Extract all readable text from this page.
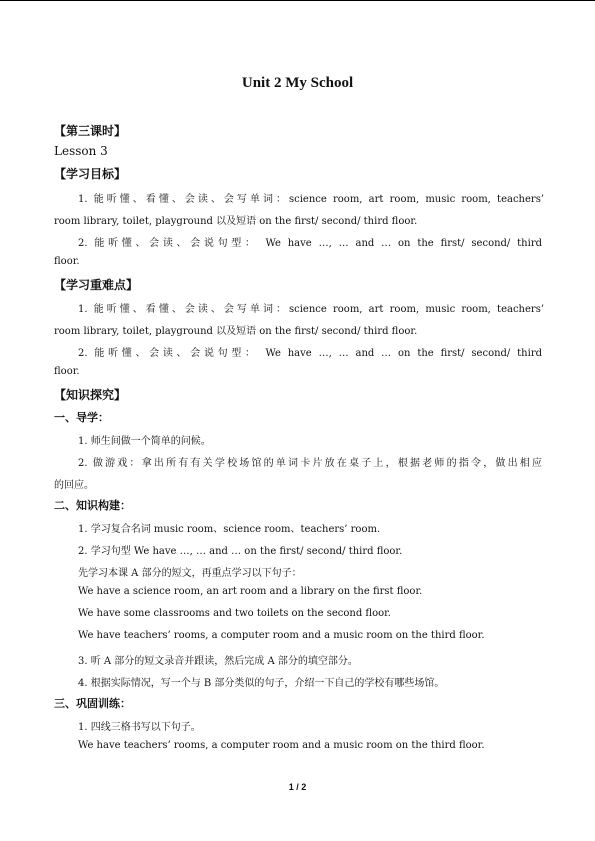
Unit 2 My School
【第三课时】
Lesson 3
【学习目标】
1. 能听懂、看懂、会读、会写单词：science room, art room, music room, teachers’
room library, toilet, playground 以及短语 on the first/ second/ third floor.
2. 能听懂、会读、会说句型： We have …, … and … on the first/ second/ third
floor.
【学习重难点】
1. 能听懂、看懂、会读、会写单词：science room, art room, music room, teachers’
room library, toilet, playground 以及短语 on the first/ second/ third floor.
2. 能听懂、会读、会说句型： We have …, … and … on the first/ second/ third
floor.
【知识探究】
一、导学：
1. 师生间做一个简单的问候。
2. 做游戏：拿出所有有关学校场馆的单词卡片放在桌子上，根据老师的指令，做出相应
的回应。
二、知识构建：
1. 学习复合名词 music room、science room、teachers’ room.
2. 学习句型 We have …, … and … on the first/ second/ third floor.
先学习本课 A 部分的短文，再重点学习以下句子：
We have a science room, an art room and a library on the first floor.
We have some classrooms and two toilets on the second floor.
We have teachers’ rooms, a computer room and a music room on the third floor.
3. 听 A 部分的短文录音并跟读，然后完成 A 部分的填空部分。
4. 根据实际情况，写一个与 B 部分类似的句子，介绍一下自己的学校有哪些场馆。
三、巩固训练：
1. 四线三格书写以下句子。
We have teachers’ rooms, a computer room and a music room on the third floor.
1 / 2
